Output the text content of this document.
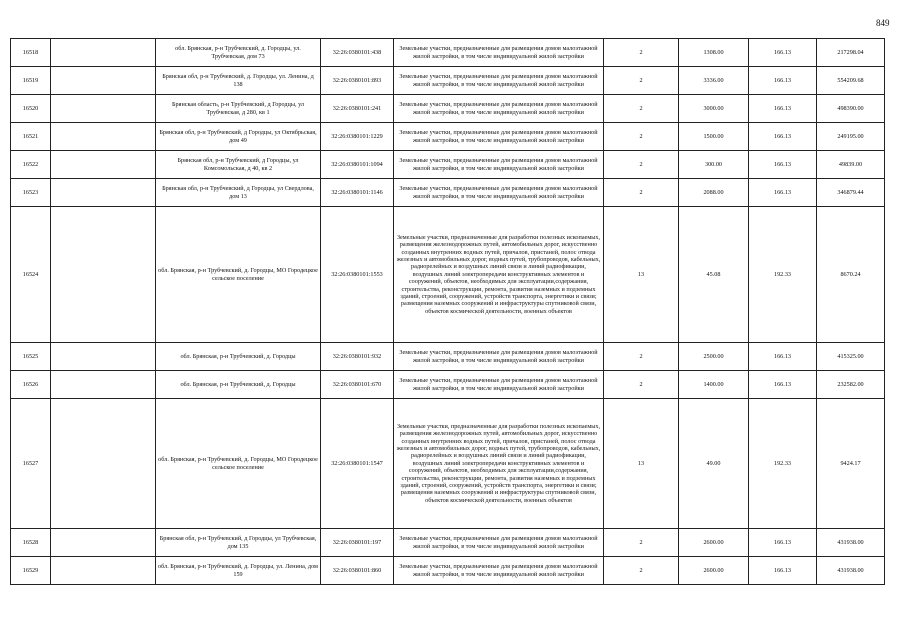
849
16518		обл. Брянская, р-н Трубчевский, д. Городцы, ул. Трубчевская, дом 73	32:26:0380101:438	Земельные участки, предназначенные для размещения домов малоэтажной жилой застройки, в том числе индивидуальной жилой застройки	2	1308.00	166.13	217298.04
16519		Брянская обл, р-н Трубчевский, д. Городцы, ул. Ленина, д 138	32:26:0380101:893	Земельные участки, предназначенные для размещения домов малоэтажной жилой застройки, в том числе индивидуальной жилой застройки	2	3336.00	166.13	554209.68
16520		Брянская область, р-н Трубчевский, д Городцы, ул Трубчевская, д 280, кв 1	32:26:0380101:241	Земельные участки, предназначенные для размещения домов малоэтажной жилой застройки, в том числе индивидуальной жилой застройки	2	3000.00	166.13	498390.00
16521		Брянская обл, р-н Трубчевский, д Городцы, ул Октябрьская, дом 49	32:26:0380101:1229	Земельные участки, предназначенные для размещения домов малоэтажной жилой застройки, в том числе индивидуальной жилой застройки	2	1500.00	166.13	249195.00
16522		Брянская обл, р-н Трубчевский, д Городцы, ул Комсомольская, д 40, кв 2	32:26:0380101:1094	Земельные участки, предназначенные для размещения домов малоэтажной жилой застройки, в том числе индивидуальной жилой застройки	2	300.00	166.13	49839.00
16523		Брянская обл, р-н Трубчевский, д Городцы, ул Свердлова, дом 13	32:26:0380101:1146	Земельные участки, предназначенные для размещения домов малоэтажной жилой застройки, в том числе индивидуальной жилой застройки	2	2088.00	166.13	346879.44
16524		обл. Брянская, р-н Трубчевский, д. Городцы, МО Городецкое сельское поселение	32:26:0380101:1553	Земельные участки, предназначенные для разработки полезных ископаемых, размещения железнодорожных путей, автомобильных дорог, искусственно созданных внутренних водных путей, причалов, пристаней, полос отвода железных и автомобильных дорог, водных путей, трубопроводов, кабельных, радиорелейных и воздушных линий связи и линий радиофикации, воздушных линий электропередачи конструктивных элементов и сооружений, объектов, необходимых для эксплуатации,содержания, строительства, реконструкции, ремонта, развития наземных и подземных зданий, строений, сооружений, устройств транспорта, энергетики и связи; размещения наземных сооружений и инфраструктуры спутниковой связи, объектов космической деятельности, военных объектов	13	45.08	192.33	8670.24
16525		обл. Брянская, р-н Трубчевский, д. Городцы	32:26:0380101:932	Земельные участки, предназначенные для размещения домов малоэтажной жилой застройки, в том числе индивидуальной жилой застройки	2	2500.00	166.13	415325.00
16526		обл. Брянская, р-н Трубчевский, д. Городцы	32:26:0380101:670	Земельные участки, предназначенные для размещения домов малоэтажной жилой застройки, в том числе индивидуальной жилой застройки	2	1400.00	166.13	232582.00
16527		обл. Брянская, р-н Трубчевский, д. Городцы, МО Городецкое сельское поселение	32:26:0380101:1547	Земельные участки, предназначенные для разработки полезных ископаемых, размещения железнодорожных путей, автомобильных дорог, искусственно созданных внутренних водных путей, причалов, пристаней, полос отвода железных и автомобильных дорог, водных путей, трубопроводов, кабельных, радиорелейных и воздушных линий связи и линий радиофикации, воздушных линий электропередачи конструктивных элементов и сооружений, объектов, необходимых для эксплуатации,содержания, строительства, реконструкции, ремонта, развития наземных и подземных зданий, строений, сооружений, устройств транспорта, энергетики и связи; размещения наземных сооружений и инфраструктуры спутниковой связи, объектов космической деятельности, военных объектов	13	49.00	192.33	9424.17
16528		Брянская обл, р-н Трубчевский, д Городцы, ул Трубчевская, дом 135	32:26:0380101:197	Земельные участки, предназначенные для размещения домов малоэтажной жилой застройки, в том числе индивидуальной жилой застройки	2	2600.00	166.13	431938.00
16529		обл. Брянская, р-н Трубчевский, д. Городцы, ул. Ленина, дом 159	32:26:0380101:860	Земельные участки, предназначенные для размещения домов малоэтажной жилой застройки, в том числе индивидуальной жилой застройки	2	2600.00	166.13	431938.00
